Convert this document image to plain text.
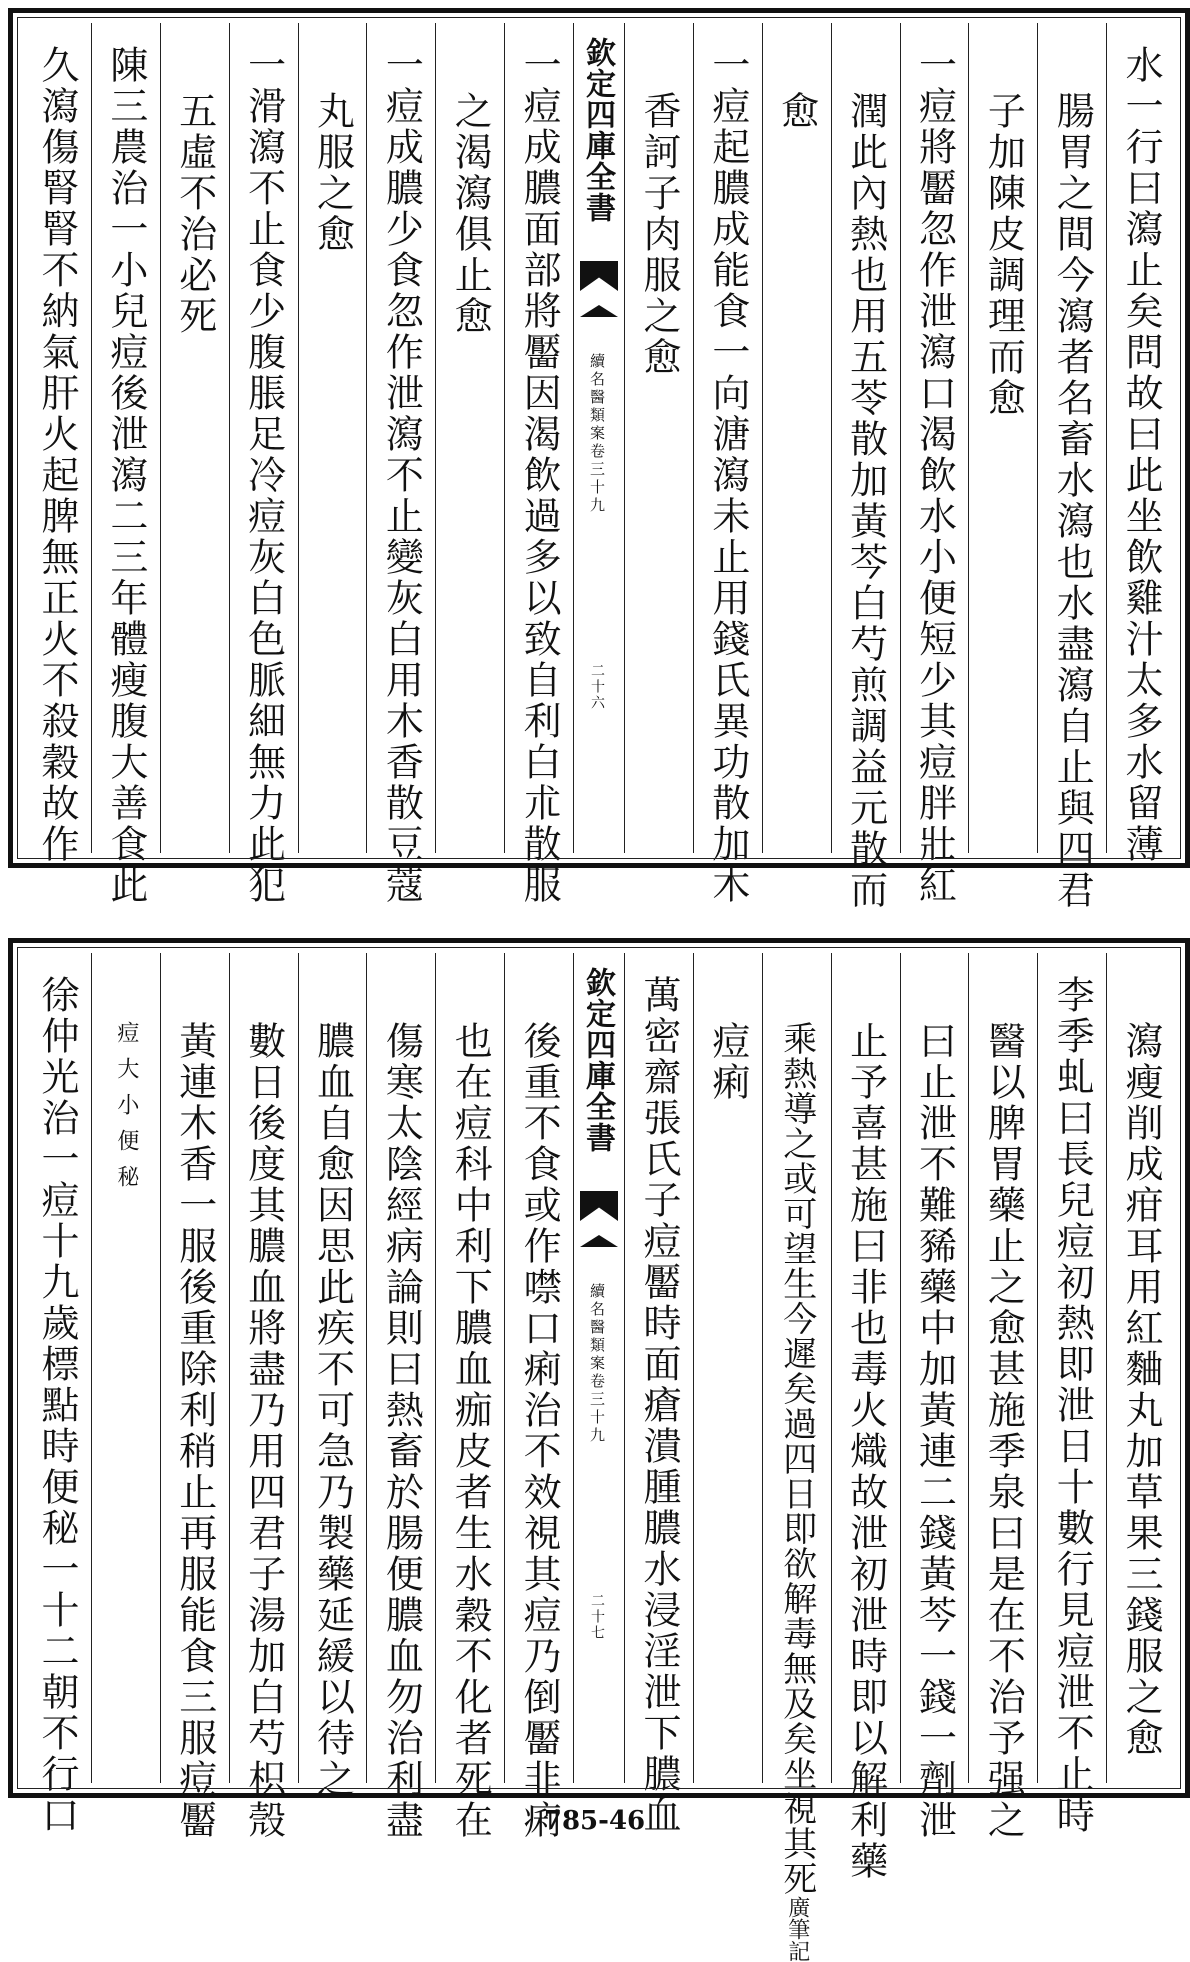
水一行曰瀉止矣問故曰此坐飲雞汁太多水留薄
腸胃之間今瀉者名畜水瀉也水盡瀉自止與四君
子加陳皮調理而愈
一痘將靨忽作泄瀉口渴飲水小便短少其痘胖壯紅
潤此內熱也用五苓散加黃芩白芍煎調益元散而
愈
一痘起膿成能食一向溏瀉未止用錢氏異功散加木
香訶子肉服之愈
欽定四庫全書
續名醫類案卷三十九
二十六
一痘成膿面部將靨因渴飲過多以致自利白朮散服
之渴瀉俱止愈
一痘成膿少食忽作泄瀉不止變灰白用木香散豆蔻
丸服之愈
一滑瀉不止食少腹脹足冷痘灰白色脈細無力此犯
五虛不治必死
陳三農治一小兒痘後泄瀉二三年體瘦腹大善食此
久瀉傷腎腎不納氣肝火起脾無正火不殺穀故作
瀉瘦削成疳耳用紅麯丸加草果三錢服之愈
李季虬曰長兒痘初熱即泄日十數行見痘泄不止時
醫以脾胃藥止之愈甚施季泉曰是在不治予强之
曰止泄不難豨藥中加黃連二錢黃芩一錢一劑泄
止予喜甚施曰非也毒火熾故泄初泄時即以解利藥
乘熱導之或可望生今遲矣過四日即欲解毒無及矣坐視其死廣筆記
痘痢
萬密齋張氏子痘靨時面瘡潰腫膿水浸淫泄下膿血
欽定四庫全書
續名醫類案卷三十九
二十七
後重不食或作噤口痢治不效視其痘乃倒靨非痢
也在痘科中利下膿血痂皮者生水穀不化者死在
傷寒太陰經病論則曰熱畜於腸便膿血勿治利盡
膿血自愈因思此疾不可急乃製藥延緩以待之
數日後度其膿血將盡乃用四君子湯加白芍枳殼
黃連木香一服後重除利稍止再服能食三服痘靨
痘大小便秘
徐仲光治一痘十九歲標點時便秘一十二朝不行口	785-46
